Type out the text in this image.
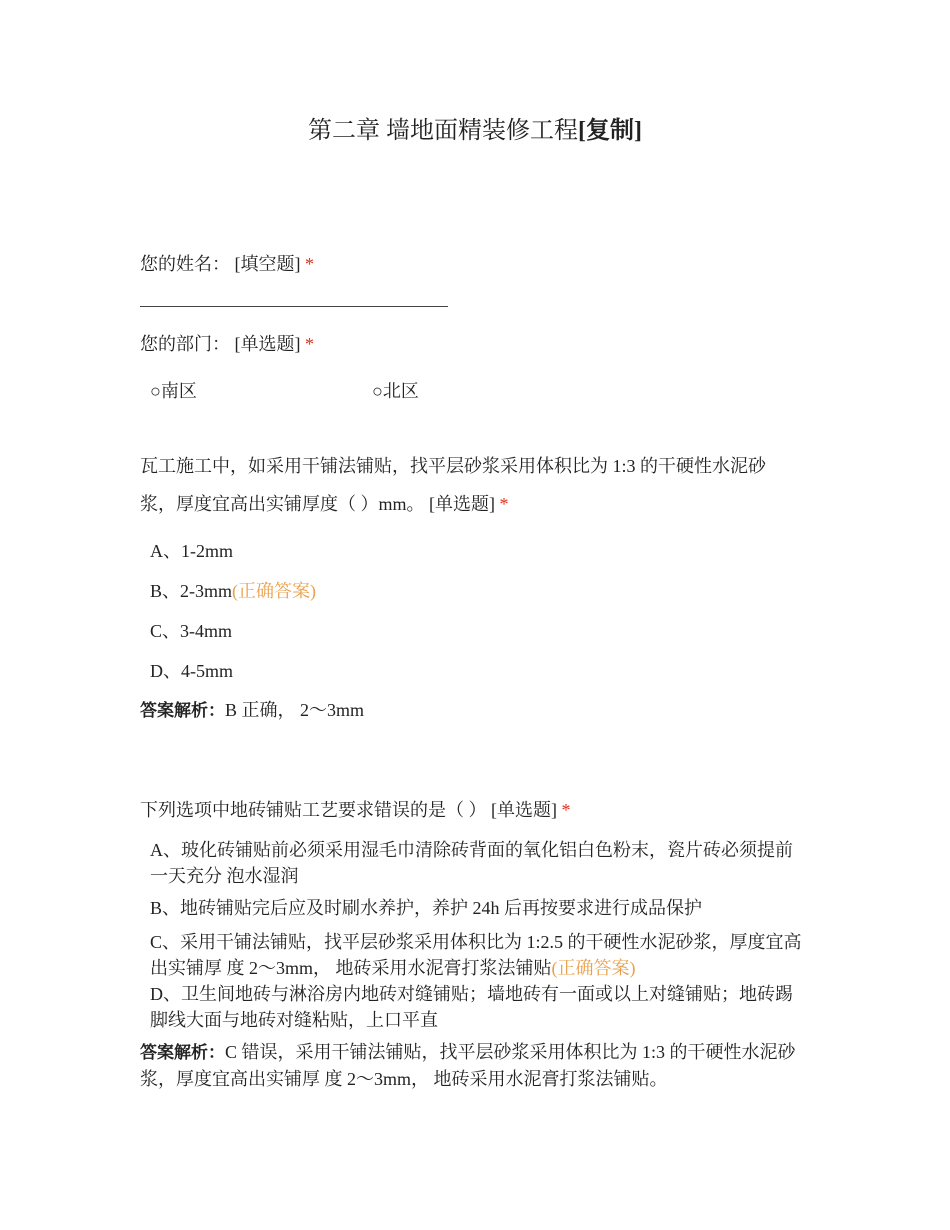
第二章 墙地面精装修工程[复制]
您的姓名： [填空题] *
您的部门： [单选题] *
○南区	○北区
瓦工施工中，如采用干铺法铺贴，找平层砂浆采用体积比为 1:3 的干硬性水泥砂
浆，厚度宜高出实铺厚度（ ）mm。 [单选题] *
A、1-2mm
B、2-3mm(正确答案)
C、3-4mm
D、4-5mm
答案解析：B 正确， 2～3mm
下列选项中地砖铺贴工艺要求错误的是（ ） [单选题] *
A、玻化砖铺贴前必须采用湿毛巾清除砖背面的氧化铝白色粉末，瓷片砖必须提前一天充分 泡水湿润
B、地砖铺贴完后应及时刷水养护，养护 24h 后再按要求进行成品保护
C、采用干铺法铺贴，找平层砂浆采用体积比为 1:2.5 的干硬性水泥砂浆，厚度宜高出实铺厚 度 2～3mm， 地砖采用水泥膏打浆法铺贴(正确答案)
D、卫生间地砖与淋浴房内地砖对缝铺贴；墙地砖有一面或以上对缝铺贴；地砖踢脚线大面与地砖对缝粘贴，上口平直
答案解析：C 错误，采用干铺法铺贴，找平层砂浆采用体积比为 1:3 的干硬性水泥砂浆，厚度宜高出实铺厚 度 2～3mm， 地砖采用水泥膏打浆法铺贴。
